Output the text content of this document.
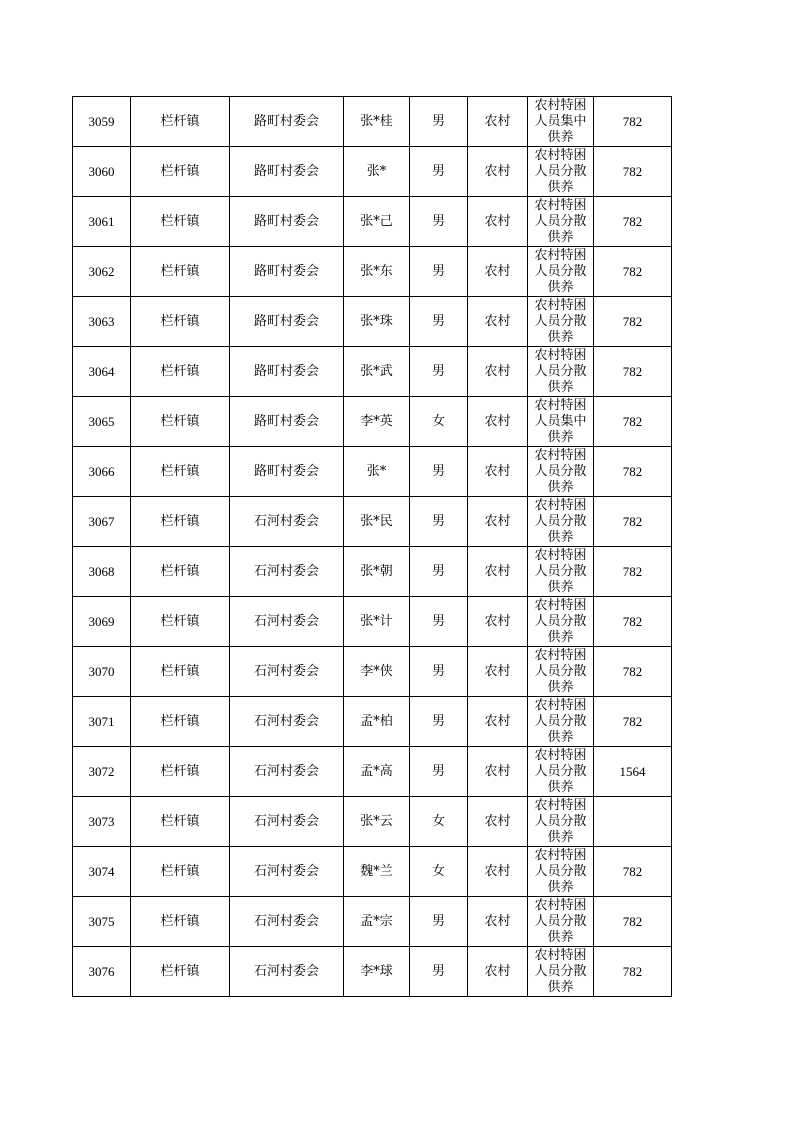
3059	栏杆镇	路町村委会	张*桂	男	农村	农村特困人员集中供养	782
3060	栏杆镇	路町村委会	张*	男	农村	农村特困人员分散供养	782
3061	栏杆镇	路町村委会	张*己	男	农村	农村特困人员分散供养	782
3062	栏杆镇	路町村委会	张*东	男	农村	农村特困人员分散供养	782
3063	栏杆镇	路町村委会	张*珠	男	农村	农村特困人员分散供养	782
3064	栏杆镇	路町村委会	张*武	男	农村	农村特困人员分散供养	782
3065	栏杆镇	路町村委会	李*英	女	农村	农村特困人员集中供养	782
3066	栏杆镇	路町村委会	张*	男	农村	农村特困人员分散供养	782
3067	栏杆镇	石河村委会	张*民	男	农村	农村特困人员分散供养	782
3068	栏杆镇	石河村委会	张*朝	男	农村	农村特困人员分散供养	782
3069	栏杆镇	石河村委会	张*计	男	农村	农村特困人员分散供养	782
3070	栏杆镇	石河村委会	李*侠	男	农村	农村特困人员分散供养	782
3071	栏杆镇	石河村委会	孟*柏	男	农村	农村特困人员分散供养	782
3072	栏杆镇	石河村委会	孟*高	男	农村	农村特困人员分散供养	1564
3073	栏杆镇	石河村委会	张*云	女	农村	农村特困人员分散供养	

3074	栏杆镇	石河村委会	魏*兰	女	农村	农村特困人员分散供养	782
3075	栏杆镇	石河村委会	孟*宗	男	农村	农村特困人员分散供养	782
3076	栏杆镇	石河村委会	李*球	男	农村	农村特困人员分散供养	782
